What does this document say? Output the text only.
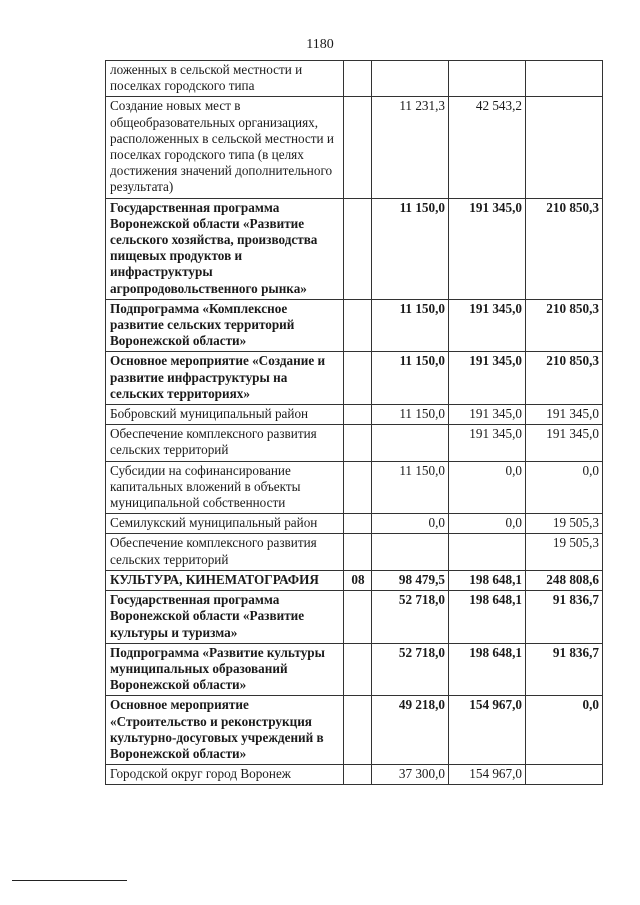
1180
ложенных в сельской местности и поселках городского типа				
Создание новых мест в общеобразовательных организациях, расположенных в сельской местности и поселках городского типа (в целях достижения значений дополнительного результата)		11 231,3	42 543,2	
Государственная программа Воронежской области «Развитие сельского хозяйства, производства пищевых продуктов и инфраструктуры агропродовольственного рынка»		11 150,0	191 345,0	210 850,3
Подпрограмма «Комплексное развитие сельских территорий Воронежской области»		11 150,0	191 345,0	210 850,3
Основное мероприятие «Создание и развитие инфраструктуры на сельских территориях»		11 150,0	191 345,0	210 850,3
Бобровский муниципальный район		11 150,0	191 345,0	191 345,0
Обеспечение комплексного развития сельских территорий			191 345,0	191 345,0
Субсидии на софинансирование капитальных вложений в объекты муниципальной собственности		11 150,0	0,0	0,0
Семилукский муниципальный район		0,0	0,0	19 505,3
Обеспечение комплексного развития сельских территорий				19 505,3
КУЛЬТУРА, КИНЕМАТОГРАФИЯ	08	98 479,5	198 648,1	248 808,6
Государственная программа Воронежской области «Развитие культуры и туризма»		52 718,0	198 648,1	91 836,7
Подпрограмма «Развитие культуры муниципальных образований Воронежской области»		52 718,0	198 648,1	91 836,7
Основное мероприятие «Строительство и реконструкция культурно-досуговых учреждений в Воронежской области»		49 218,0	154 967,0	0,0
Городской округ город Воронеж		37 300,0	154 967,0	
